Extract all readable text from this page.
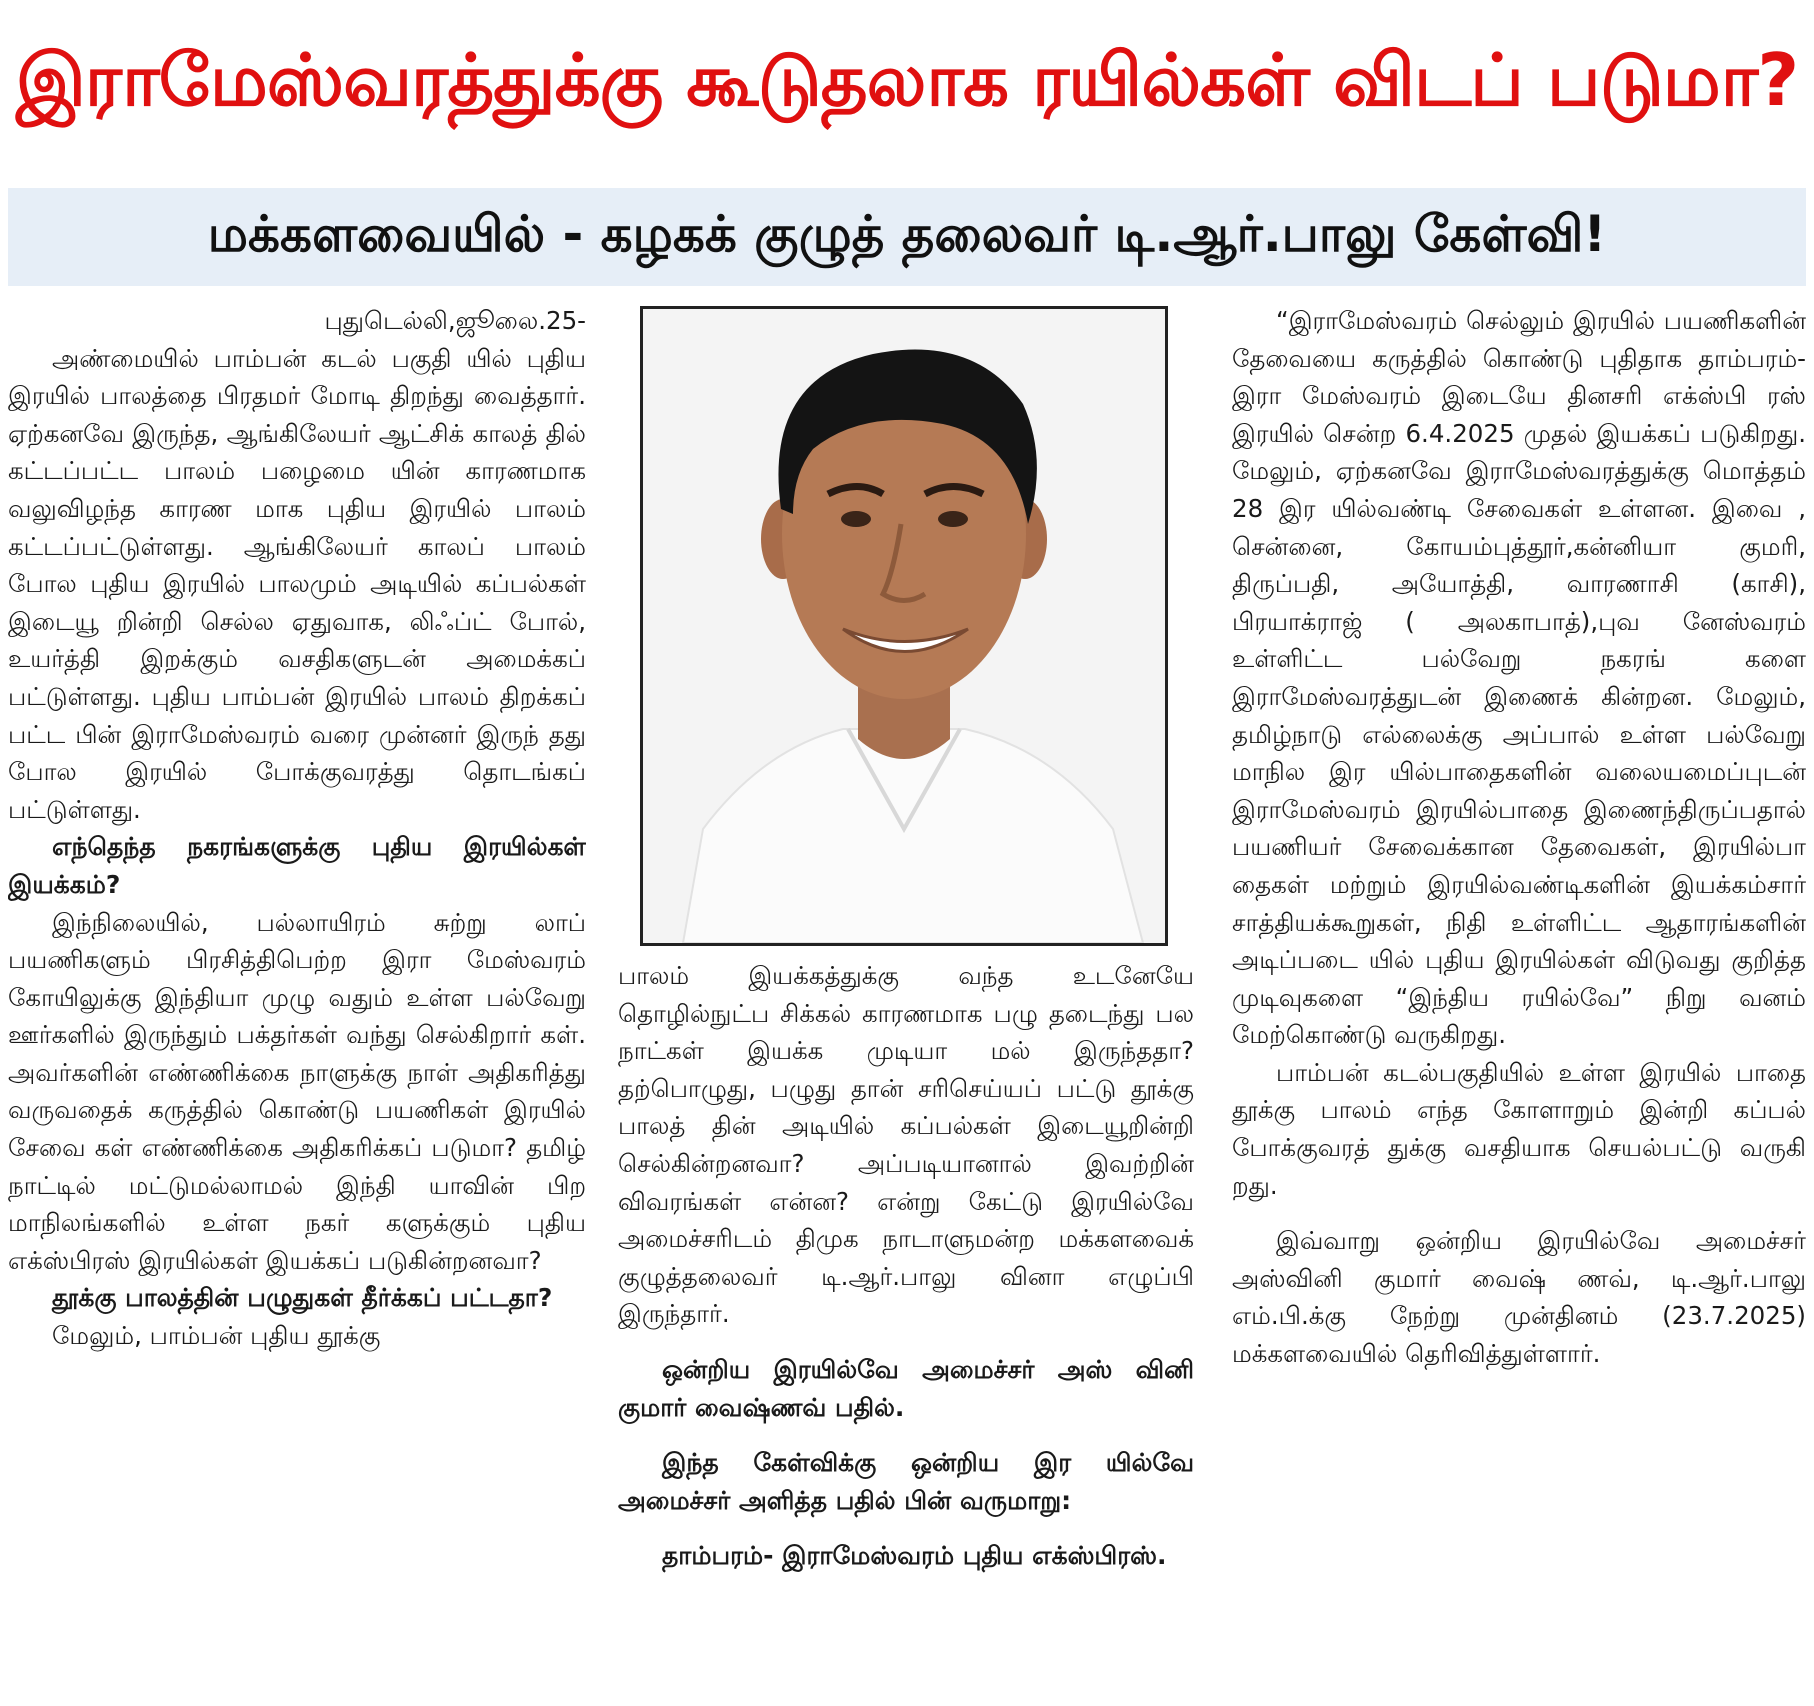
இராமேஸ்வரத்துக்கு கூடுதலாக ரயில்கள் விடப் படுமா?
மக்களவையில் - கழகக் குழுத் தலைவர் டி.ஆர்.பாலு கேள்வி!

புதுடெல்லி,ஜூலை.25-

அண்மையில் பாம்பன் கடல் பகுதி யில் புதிய இரயில் பாலத்தை பிரதமர் மோடி திறந்து வைத்தார். ஏற்கனவே இருந்த, ஆங்கிலேயர் ஆட்சிக் காலத் தில் கட்டப்பட்ட பாலம் பழைமை யின் காரணமாக வலுவிழந்த காரண மாக புதிய இரயில் பாலம் கட்டப்பட்டுள்ளது. ஆங்கிலேயர் காலப் பாலம் போல புதிய இரயில் பாலமும் அடியில் கப்பல்கள் இடையூ றின்றி செல்ல ஏதுவாக, லிஃப்ட் போல், உயர்த்தி இறக்கும் வசதிகளுடன் அமைக்கப் பட்டுள்ளது. புதிய பாம்பன் இரயில் பாலம் திறக்கப் பட்ட பின் இராமேஸ்வரம் வரை முன்னர் இருந் தது போல இரயில் போக்குவரத்து தொடங்கப் பட்டுள்ளது.

எந்தெந்த நகரங்களுக்கு புதிய இரயில்கள் இயக்கம்?

இந்நிலையில், பல்லாயிரம் சுற்று லாப் பயணிகளும் பிரசித்திபெற்ற இரா மேஸ்வரம் கோயிலுக்கு இந்தியா முழு வதும் உள்ள பல்வேறு ஊர்களில் இருந்தும் பக்தர்கள் வந்து செல்கிறார் கள். அவர்களின் எண்ணிக்கை நாளுக்கு நாள் அதிகரித்து வருவதைக் கருத்தில் கொண்டு பயணிகள் இரயில் சேவை கள் எண்ணிக்கை அதிகரிக்கப் படுமா? தமிழ் நாட்டில் மட்டுமல்லாமல் இந்தி யாவின் பிற மாநிலங்களில் உள்ள நகர் களுக்கும் புதிய எக்ஸ்பிரஸ் இரயில்கள் இயக்கப் படுகின்றனவா?

தூக்கு பாலத்தின் பழுதுகள் தீர்க்கப் பட்டதா?

மேலும், பாம்பன் புதிய தூக்கு

பாலம் இயக்கத்துக்கு வந்த உடனேயே தொழில்நுட்ப சிக்கல் காரணமாக பழு தடைந்து பல நாட்கள் இயக்க முடியா மல் இருந்ததா? தற்பொழுது, பழுது தான் சரிசெய்யப் பட்டு தூக்கு பாலத் தின் அடியில் கப்பல்கள் இடையூறின்றி செல்கின்றனவா? அப்படியானால் இவற்றின் விவரங்கள் என்ன? என்று கேட்டு இரயில்வே அமைச்சரிடம் திமுக நாடாளுமன்ற மக்களவைக் குழுத்தலைவர் டி.ஆர்.பாலு வினா எழுப்பி இருந்தார்.

ஒன்றிய இரயில்வே அமைச்சர் அஸ் வினி குமார் வைஷ்ணவ் பதில்.
இந்த கேள்விக்கு ஒன்றிய இர யில்வே அமைச்சர் அளித்த பதில் பின் வருமாறு:
தாம்பரம்- இராமேஸ்வரம் புதிய எக்ஸ்பிரஸ்.

“இராமேஸ்வரம் செல்லும் இரயில் பயணிகளின் தேவையை கருத்தில் கொண்டு புதிதாக தாம்பரம்- இரா மேஸ்வரம் இடையே தினசரி எக்ஸ்பி ரஸ் இரயில் சென்ற 6.4.2025 முதல் இயக்கப் படுகிறது. மேலும், ஏற்கனவே இராமேஸ்வரத்துக்கு மொத்தம் 28 இர யில்வண்டி சேவைகள் உள்ளன. இவை , சென்னை, கோயம்புத்தூர்,கன்னியா குமரி, திருப்பதி, அயோத்தி, வாரணாசி (காசி), பிரயாக்ராஜ் ( அலகாபாத்),புவ னேஸ்வரம் உள்ளிட்ட பல்வேறு நகரங் களை இராமேஸ்வரத்துடன் இணைக் கின்றன. மேலும், தமிழ்நாடு எல்லைக்கு அப்பால் உள்ள பல்வேறு மாநில இர யில்பாதைகளின் வலையமைப்புடன் இராமேஸ்வரம் இரயில்பாதை இணைந்திருப்பதால் பயணியர் சேவைக்கான தேவைகள், இரயில்பா தைகள் மற்றும் இரயில்வண்டிகளின் இயக்கம்சார் சாத்தியக்கூறுகள், நிதி உள்ளிட்ட ஆதாரங்களின் அடிப்படை யில் புதிய இரயில்கள் விடுவது குறித்த முடிவுகளை “இந்திய ரயில்வே” நிறு வனம் மேற்கொண்டு வருகிறது.

பாம்பன் கடல்பகுதியில் உள்ள இரயில் பாதை தூக்கு பாலம் எந்த கோளாறும் இன்றி கப்பல் போக்குவரத் துக்கு வசதியாக செயல்பட்டு வருகி றது.

இவ்வாறு ஒன்றிய இரயில்வே அமைச்சர் அஸ்வினி குமார் வைஷ் ணவ், டி.ஆர்.பாலு எம்.பி.க்கு நேற்று முன்தினம் (23.7.2025) மக்களவையில் தெரிவித்துள்ளார்.
